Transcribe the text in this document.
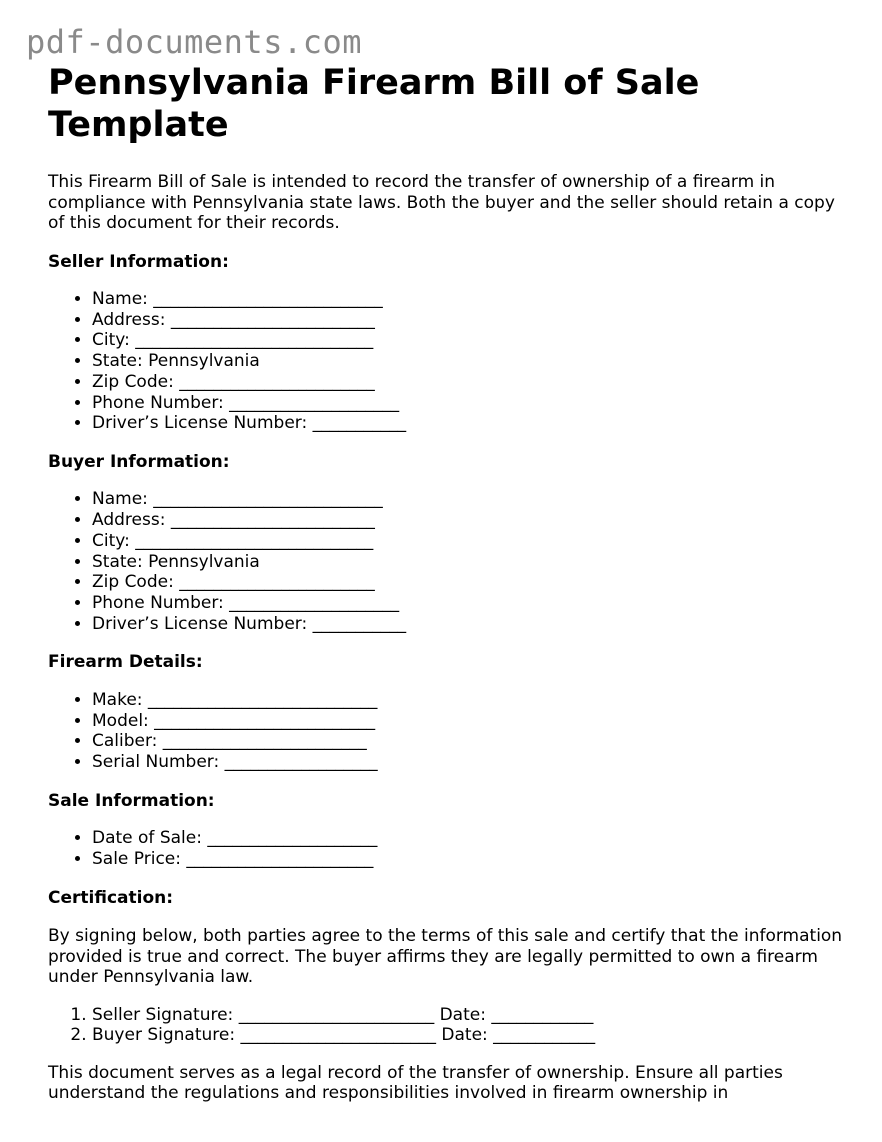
pdf-documents.com
Pennsylvania Firearm Bill of Sale Template

This Firearm Bill of Sale is intended to record the transfer of ownership of a firearm in compliance with Pennsylvania state laws. Both the buyer and the seller should retain a copy of this document for their records.

Seller Information:
• Name: ___________________________
• Address: ________________________
• City: ____________________________
• State: Pennsylvania
• Zip Code: _______________________
• Phone Number: ____________________
• Driver’s License Number: ___________
Buyer Information:
• Name: ___________________________
• Address: ________________________
• City: ____________________________
• State: Pennsylvania
• Zip Code: _______________________
• Phone Number: ____________________
• Driver’s License Number: ___________
Firearm Details:
• Make: ___________________________
• Model: __________________________
• Caliber: ________________________
• Serial Number: __________________
Sale Information:
• Date of Sale: ____________________
• Sale Price: ______________________
Certification:

By signing below, both parties agree to the terms of this sale and certify that the information provided is true and correct. The buyer affirms they are legally permitted to own a firearm under Pennsylvania law.

1. Seller Signature: _______________________ Date: ____________
2. Buyer Signature: _______________________ Date: ____________

This document serves as a legal record of the transfer of ownership. Ensure all parties understand the regulations and responsibilities involved in firearm ownership in
